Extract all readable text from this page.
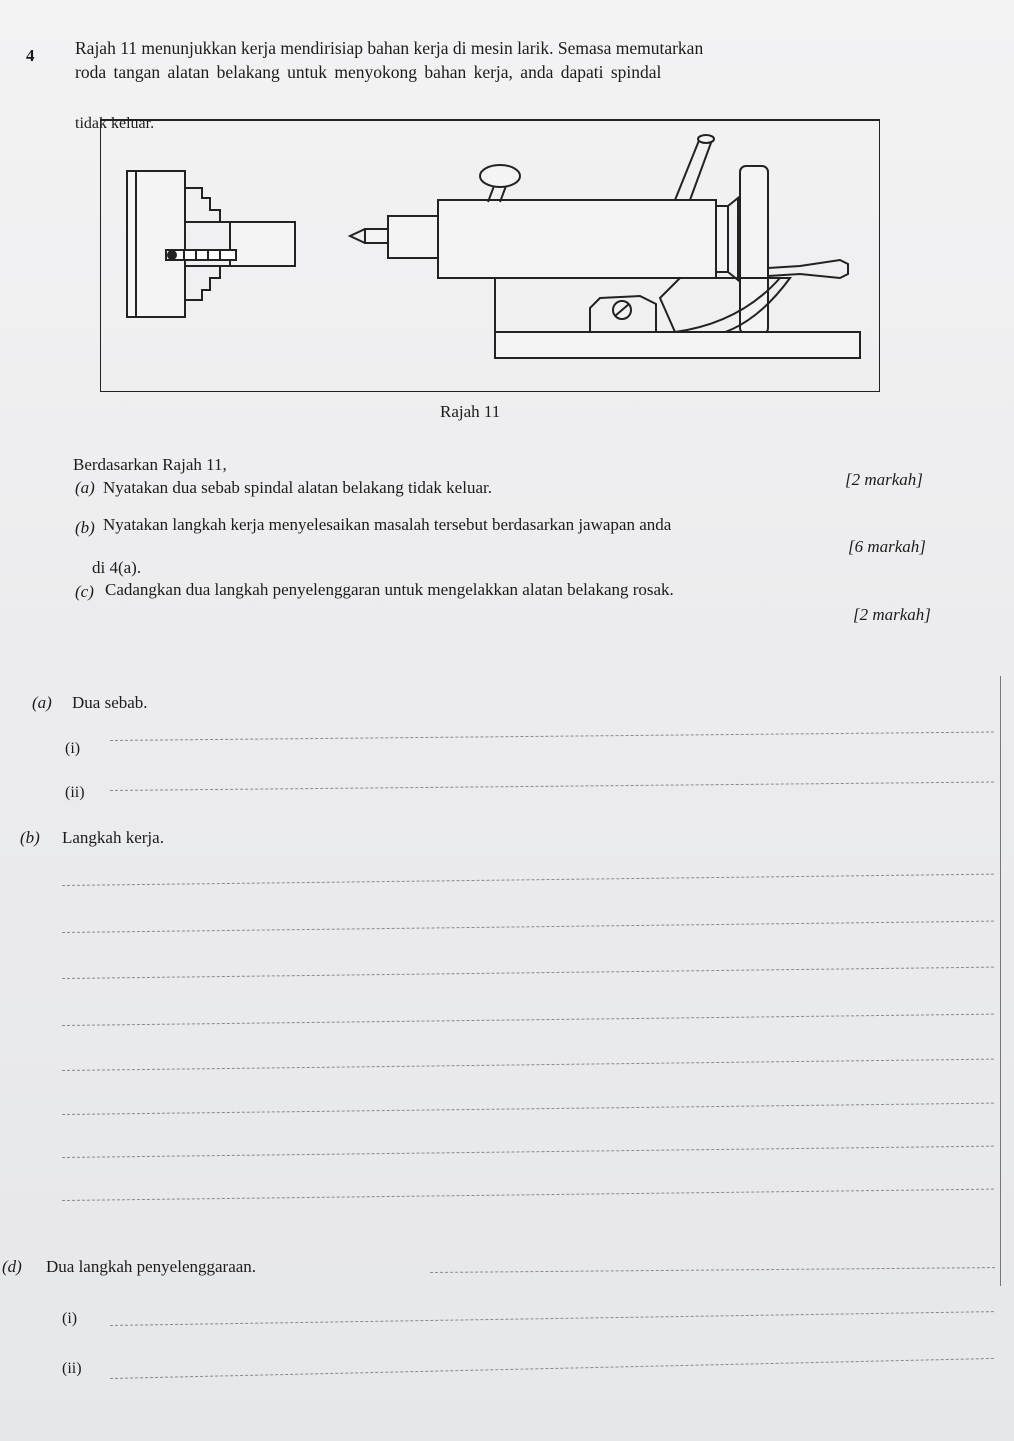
4 Rajah 11 menunjukkan kerja mendirisiap bahan kerja di mesin larik. Semasa memutarkan
roda tangan alatan belakang untuk menyokong bahan kerja, anda dapati spindal
tidak keluar.
Rajah 11
Berdasarkan Rajah 11,
(a) Nyatakan dua sebab spindal alatan belakang tidak keluar.	[2 markah]
(b) Nyatakan langkah kerja menyelesaikan masalah tersebut berdasarkan jawapan anda
di 4(a).
[6 markah]
(c) Cadangkan dua langkah penyelenggaran untuk mengelakkan alatan belakang rosak.
[2 markah]
(a) Dua sebab.
(i)
(ii)
(b) Langkah kerja.
(d) Dua langkah penyelenggaraan.
(i)
(ii)
